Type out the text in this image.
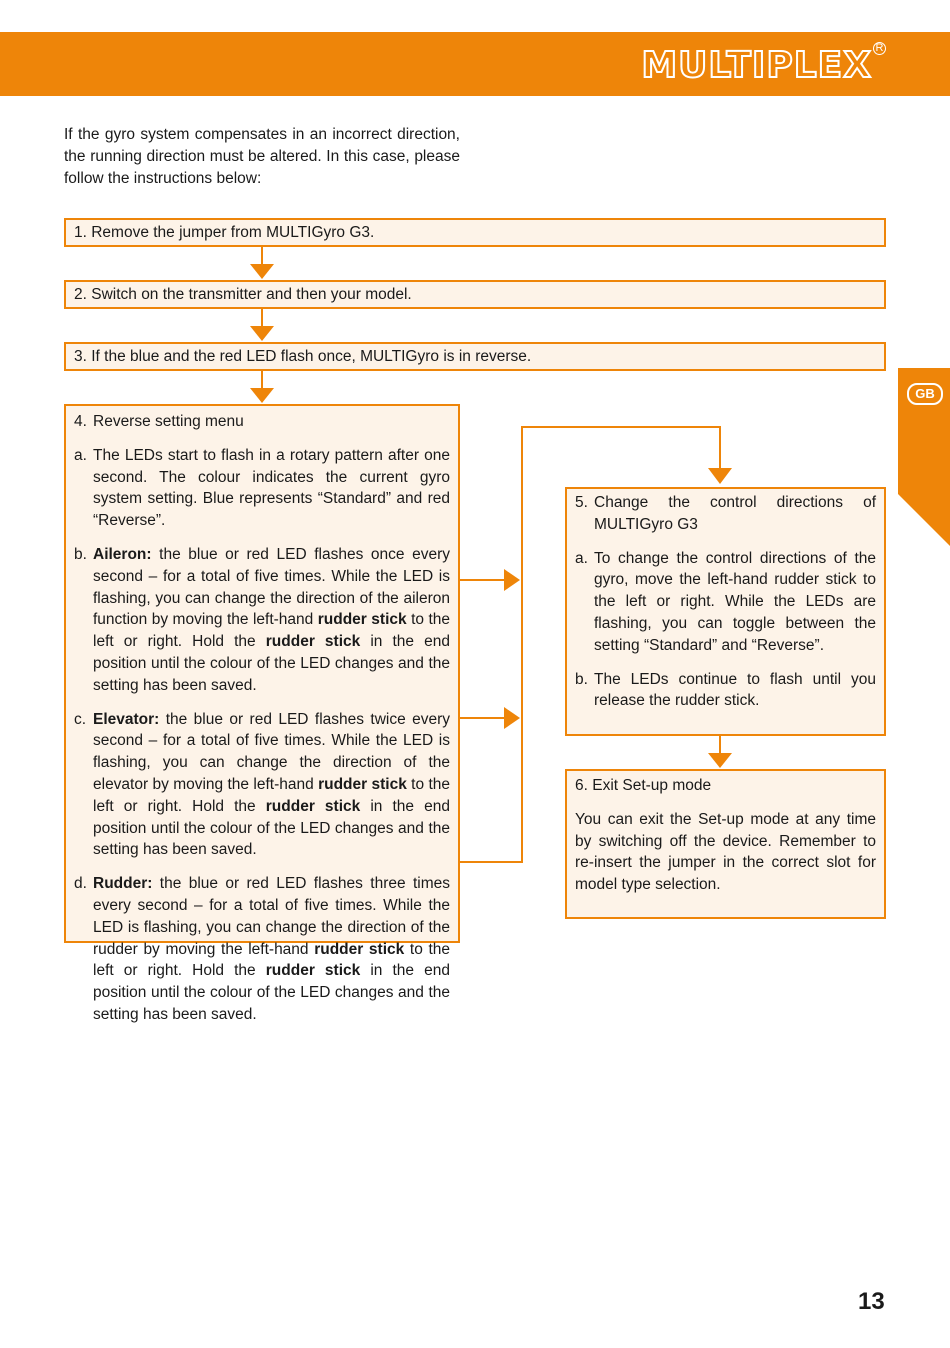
MULTIPLEX R
GB
If the gyro system compensates in an incorrect direction, the running direction must be altered. In this case, please follow the instructions below:
1. Remove the jumper from MULTIGyro G3.
2. Switch on the transmitter and then your model.
3. If the blue and the red LED flash once, MULTIGyro is in reverse.
4. Reverse setting menu
a. The LEDs start to flash in a rotary pattern after one second. The colour indicates the current gyro system setting. Blue represents “Standard” and red “Reverse”.
b. Aileron: the blue or red LED flashes once every second – for a total of five times. While the LED is flashing, you can change the direction of the aileron function by moving the left-hand rudder stick to the left or right. Hold the rudder stick in the end position until the colour of the LED changes and the setting has been saved.
c. Elevator: the blue or red LED flashes twice every second – for a total of five times. While the LED is flashing, you can change the direction of the elevator by moving the left-hand rudder stick to the left or right. Hold the rudder stick in the end position until the colour of the LED changes and the setting has been saved.
d. Rudder: the blue or red LED flashes three times every second – for a total of five times. While the LED is flashing, you can change the direction of the rudder by moving the left-hand rudder stick to the left or right. Hold the rudder stick in the end position until the colour of the LED changes and the setting has been saved.
5. Change the control directions of MULTIGyro G3
a. To change the control directions of the gyro, move the left-hand rudder stick to the left or right. While the LEDs are flashing, you can toggle between the setting “Standard” and “Reverse”.
b. The LEDs continue to flash until you release the rudder stick.
6. Exit Set-up mode
You can exit the Set-up mode at any time by switching off the device. Remember to re-insert the jumper in the correct slot for model type selection.
13
